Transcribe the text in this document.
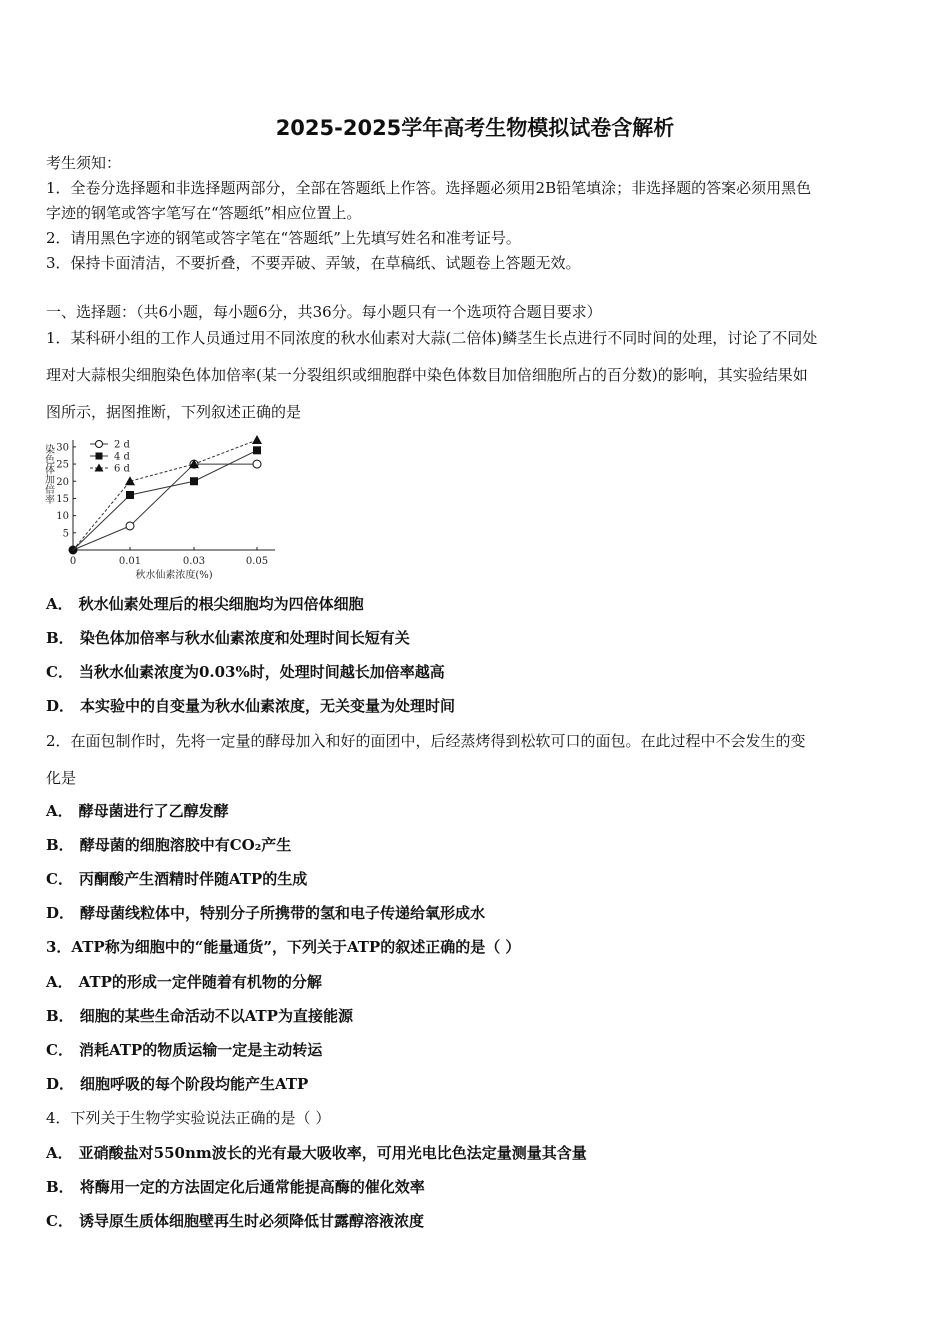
2025-2025学年高考生物模拟试卷含解析
考生须知：
1．全卷分选择题和非选择题两部分，全部在答题纸上作答。选择题必须用2B铅笔填涂；非选择题的答案必须用黑色
字迹的钢笔或答字笔写在“答题纸”相应位置上。
2．请用黑色字迹的钢笔或答字笔在“答题纸”上先填写姓名和准考证号。
3．保持卡面清洁，不要折叠，不要弄破、弄皱，在草稿纸、试题卷上答题无效。
一、选择题：（共6小题，每小题6分，共36分。每小题只有一个选项符合题目要求）
1．某科研小组的工作人员通过用不同浓度的秋水仙素对大蒜(二倍体)鳞茎生长点进行不同时间的处理，讨论了不同处
理对大蒜根尖细胞染色体加倍率(某一分裂组织或细胞群中染色体数目加倍细胞所占的百分数)的影响，其实验结果如
图所示，据图推断，下列叙述正确的是
5
10
15
20
25
30
0	0.01	0.03	0.05
秋水仙素浓度(%)
染色体加倍率	2 d
4 d
6 d
A． 秋水仙素处理后的根尖细胞均为四倍体细胞
B． 染色体加倍率与秋水仙素浓度和处理时间长短有关
C． 当秋水仙素浓度为0.03%时，处理时间越长加倍率越高
D． 本实验中的自变量为秋水仙素浓度，无关变量为处理时间
2．在面包制作时，先将一定量的酵母加入和好的面团中，后经蒸烤得到松软可口的面包。在此过程中不会发生的变
化是
A． 酵母菌进行了乙醇发酵
B． 酵母菌的细胞溶胶中有CO₂产生
C． 丙酮酸产生酒精时伴随ATP的生成
D． 酵母菌线粒体中，特别分子所携带的氢和电子传递给氧形成水
3．ATP称为细胞中的“能量通货”，下列关于ATP的叙述正确的是（ ）
A． ATP的形成一定伴随着有机物的分解
B． 细胞的某些生命活动不以ATP为直接能源
C． 消耗ATP的物质运输一定是主动转运
D． 细胞呼吸的每个阶段均能产生ATP
4．下列关于生物学实验说法正确的是（ ）
A． 亚硝酸盐对550nm波长的光有最大吸收率，可用光电比色法定量测量其含量
B． 将酶用一定的方法固定化后通常能提高酶的催化效率
C． 诱导原生质体细胞壁再生时必须降低甘露醇溶液浓度
